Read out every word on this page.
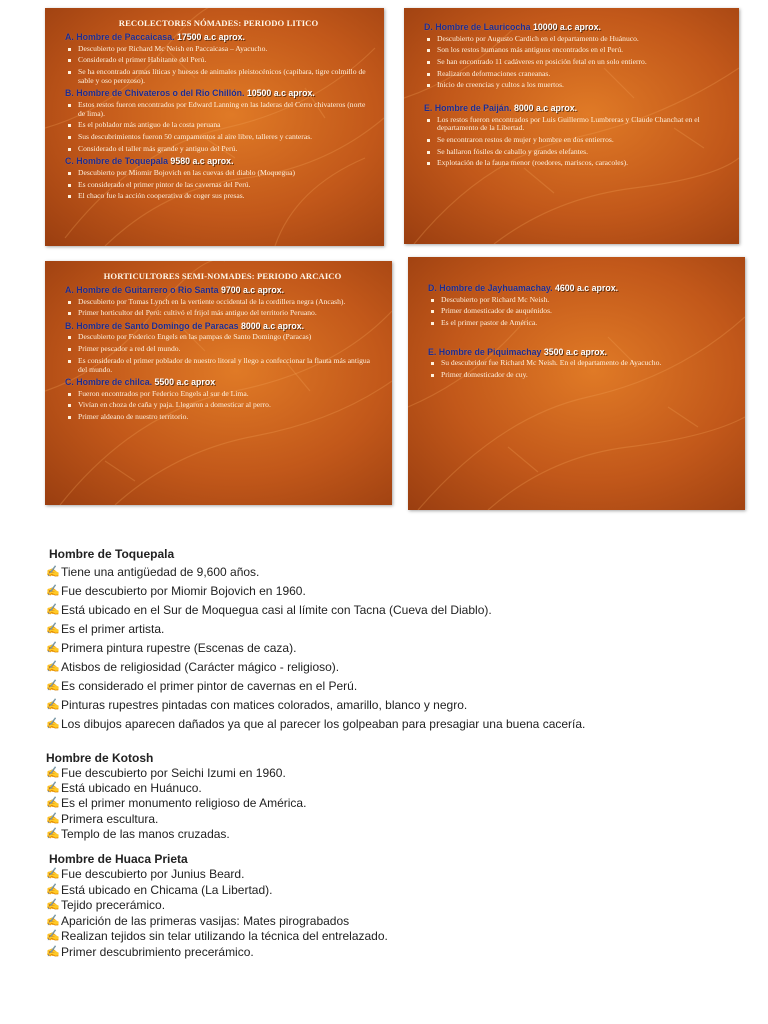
RECOLECTORES NÓMADES: PERIODO LITICO
A. Hombre de Paccaicasa. 17500 a.c aprox.
Descubierto por Richard Mc Neish en Paccaicasa – Ayacucho.
Considerado el primer Habitante del Perú.
Se ha encontrado armas líticas y huesos de animales pleistocénicos (capibara, tigre colmillo de sable y oso perezoso).
B. Hombre de Chivateros o del Rio Chillón. 10500 a.c aprox.
Estos restos fueron encontrados por Edward Lanning en las laderas del Cerro chivateros (norte de lima).
Es el poblador más antiguo de la costa peruana
Sus descubrimientos fueron 50 campamentos al aire libre, talleres y canteras.
Considerado el taller más grande y antiguo del Perú.
C. Hombre de Toquepala 9580 a.c aprox.
Descubierto por Miomir Bojovich en las cuevas del diablo (Moquegua)
Es considerado el primer pintor de las cavernas del Perú.
El chaco fue la acción cooperativa de coger sus presas.
D. Hombre de Lauricocha 10000 a.c aprox.
Descubierto por Augusto Cardich en el departamento de Huánuco.
Son los restos humanos más antiguos encontrados en el Perú.
Se han encontrado 11 cadáveres en posición fetal en un solo entierro.
Realizaron deformaciones craneanas.
Inicio de creencias y cultos a los muertos.
E. Hombre de Paiján. 8000 a.c aprox.
Los restos fueron encontrados por Luis Guillermo Lumbreras y Claude Chanchat en el departamento de la Libertad.
Se encontraron restos de mujer y hombre en dos entierros.
Se hallaron fósiles de caballo y grandes elefantes.
Explotación de la fauna menor (roedores, mariscos, caracoles).
HORTICULTORES SEMI-NOMADES: PERIODO ARCAICO
A. Hombre de Guitarrero o Rio Santa 9700 a.c aprox.
Descubierto por Tomas Lynch en la vertiente occidental de la cordillera negra (Ancash).
Primer horticultor del Perú: cultivó el frijol más antiguo del territorio Peruano.
B. Hombre de Santo Domingo de Paracas 8000 a.c aprox.
Descubierto por Federico Engels en las pampas de Santo Domingo (Paracas)
Primer pescador a red del mundo.
Es considerado el primer poblador de nuestro litoral y llego a confeccionar la flauta más antigua del mundo.
C. Hombre de chilca. 5500 a.c aprox
Fueron encontrados por Federico Engels al sur de Lima.
Vivían en choza de caña y paja. Llegaron a domesticar al perro.
Primer aldeano de nuestro territorio.
D. Hombre de Jayhuamachay. 4600 a.c aprox.
Descubierto por Richard Mc Neish.
Primer domesticador de auquénidos.
Es el primer pastor de América.
E. Hombre de Piquimachay 3500 a.c aprox.
Su descubridor fue Richard Mc Neish. En el departamento de Ayacucho.
Primer domesticador de cuy.
Hombre de Toquepala
✍ Tiene una antigüedad de 9,600 años.
✍ Fue descubierto por Miomir Bojovich en 1960.
✍ Está ubicado en el Sur de Moquegua casi al límite con Tacna (Cueva del Diablo).
✍ Es el primer artista.
✍ Primera pintura rupestre (Escenas de caza).
✍ Atisbos de religiosidad (Carácter mágico - religioso).
✍ Es considerado el primer pintor de cavernas en el Perú.
✍ Pinturas rupestres pintadas con matices colorados, amarillo, blanco y negro.
✍ Los dibujos aparecen dañados ya que al parecer los golpeaban para presagiar una buena cacería.
Hombre de Kotosh
✍ Fue descubierto por Seichi Izumi en 1960.
✍ Está ubicado en Huánuco.
✍ Es el primer monumento religioso de América.
✍ Primera escultura.
✍ Templo de las manos cruzadas.
Hombre de Huaca Prieta
✍ Fue descubierto por Junius Beard.
✍ Está ubicado en Chicama (La Libertad).
✍ Tejido precerámico.
✍ Aparición de las primeras vasijas: Mates pirograbados
✍ Realizan tejidos sin telar utilizando la técnica del entrelazado.
✍ Primer descubrimiento precerámico.
